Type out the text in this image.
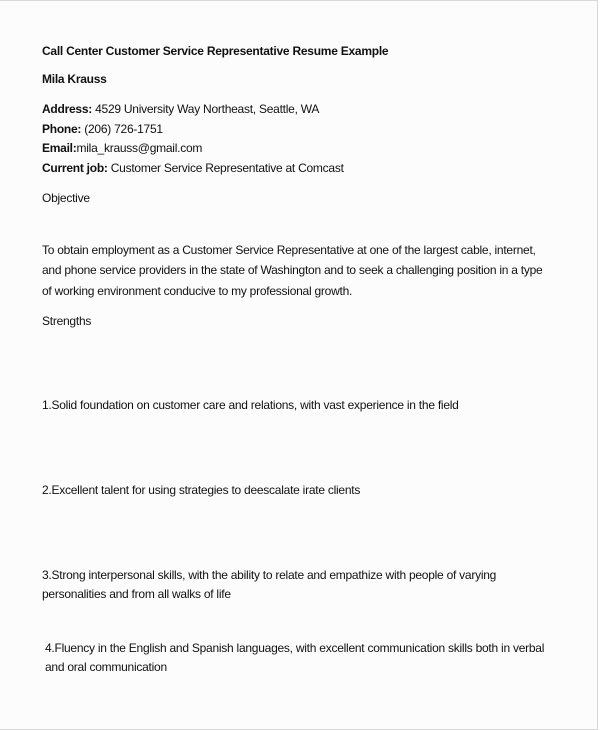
Call Center Customer Service Representative Resume Example
Mila Krauss
Address: 4529 University Way Northeast, Seattle, WA
Phone: (206) 726-1751
Email:mila_krauss@gmail.com
Current job: Customer Service Representative at Comcast
Objective
To obtain employment as a Customer Service Representative at one of the largest cable, internet,
and phone service providers in the state of Washington and to seek a challenging position in a type
of working environment conducive to my professional growth.
Strengths
1.Solid foundation on customer care and relations, with vast experience in the field
2.Excellent talent for using strategies to deescalate irate clients
3.Strong interpersonal skills, with the ability to relate and empathize with people of varying
personalities and from all walks of life
4.Fluency in the English and Spanish languages, with excellent communication skills both in verbal
and oral communication
